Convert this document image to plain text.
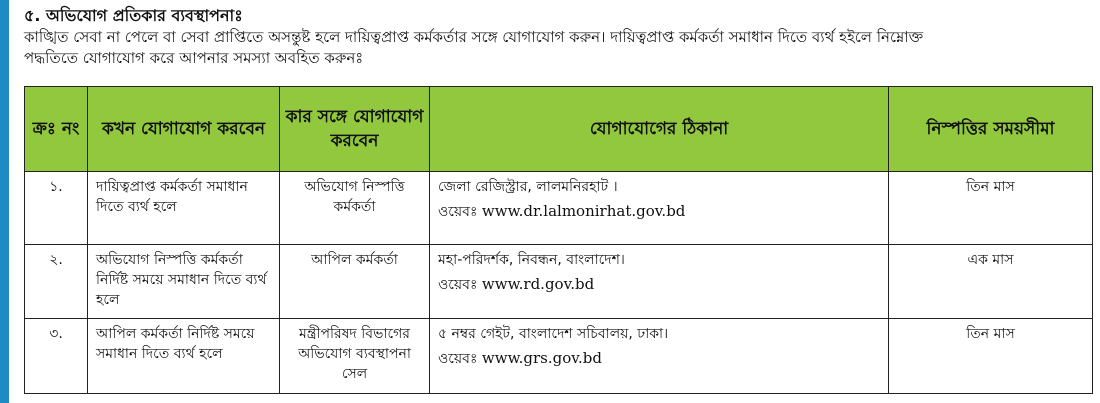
৫. অভিযোগ প্রতিকার ব্যবস্থাপনাঃ
কাঙ্খিত সেবা না পেলে বা সেবা প্রাপ্তিতে অসন্তুষ্ট হলে দায়িত্বপ্রাপ্ত কর্মকর্তার সঙ্গে যোগাযোগ করুন। দায়িত্বপ্রাপ্ত কর্মকর্তা সমাধান দিতে ব্যর্থ হইলে নিম্নোক্ত
পদ্ধতিতে যোগাযোগ করে আপনার সমস্যা অবহিত করুনঃ
ক্রঃ নং	কখন যোগাযোগ করবেন	কার সঙ্গে যোগাযোগ করবেন	যোগাযোগের ঠিকানা	নিস্পত্তির সময়সীমা
১.	দায়িত্বপ্রাপ্ত কর্মকর্তা সমাধান দিতে ব্যর্থ হলে	অভিযোগ নিস্পত্তি কর্মকর্তা	জেলা রেজিস্ট্রার, লালমনিরহাট ।
ওয়েবঃ www.dr.lalmonirhat.gov.bd	তিন মাস
২.	অভিযোগ নিস্পত্তি কর্মকর্তা নির্দিষ্ট সময়ে সমাধান দিতে ব্যর্থ হলে	আপিল কর্মকর্তা	মহা-পরিদর্শক, নিবন্ধন, বাংলাদেশ।
ওয়েবঃ www.rd.gov.bd	এক মাস
৩.	আপিল কর্মকর্তা নির্দিষ্ট সময়ে সমাধান দিতে ব্যর্থ হলে	মন্ত্রীপরিষদ বিভাগের অভিযোগ ব্যবস্থাপনা সেল	৫ নম্বর গেইট, বাংলাদেশ সচিবালয়, ঢাকা।
ওয়েবঃ www.grs.gov.bd	তিন মাস
